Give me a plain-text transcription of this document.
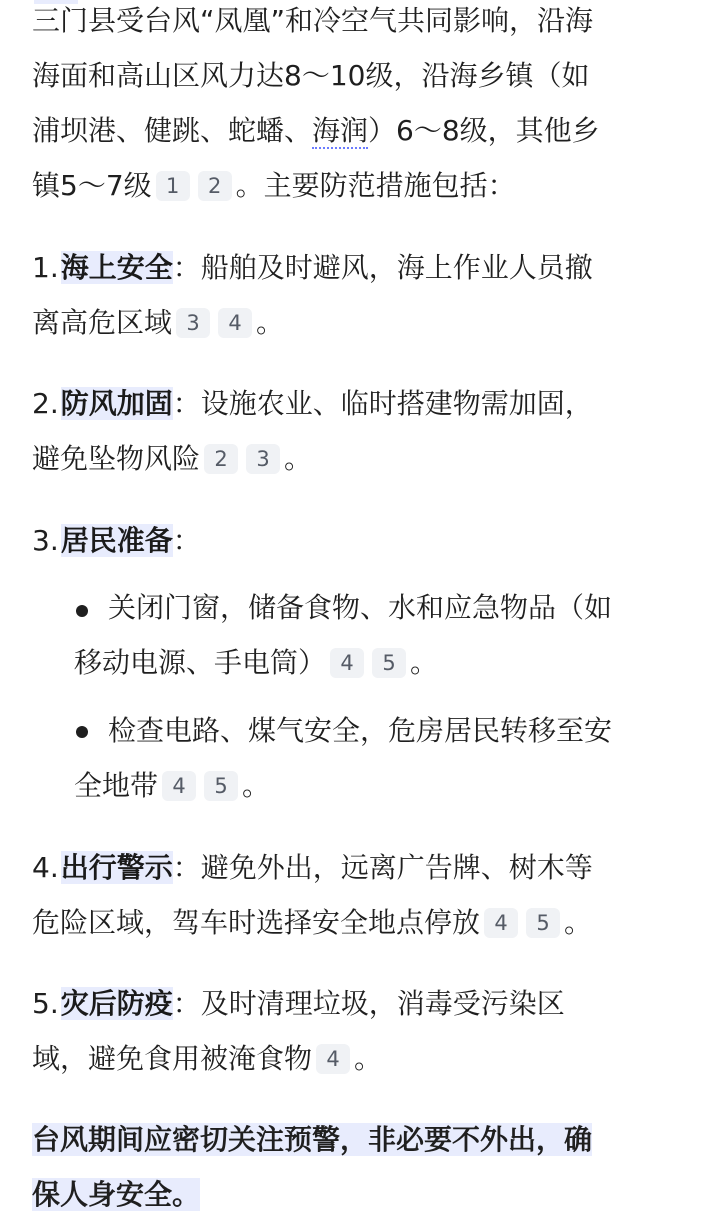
三门县受台风“凤凰”和冷空气共同影响，沿海
海面和高山区风力达8～10级，沿海乡镇（如
浦坝港、健跳、蛇蟠、海润）6～8级，其他乡
镇5～7级 1 2 。主要防范措施包括：
1.海上安全：船舶及时避风，海上作业人员撤
离高危区域 3 4 。
2.防风加固：设施农业、临时搭建物需加固，
避免坠物风险 2 3 。
3.居民准备：
关闭门窗，储备食物、水和应急物品（如
移动电源、手电筒） 4 5 。
检查电路、煤气安全，危房居民转移至安
全地带 4 5 。
4.出行警示：避免外出，远离广告牌、树木等
危险区域，驾车时选择安全地点停放 4 5 。
5.灾后防疫：及时清理垃圾，消毒受污染区
域，避免食用被淹食物 4 。
台风期间应密切关注预警，非必要不外出，确
保人身安全。
